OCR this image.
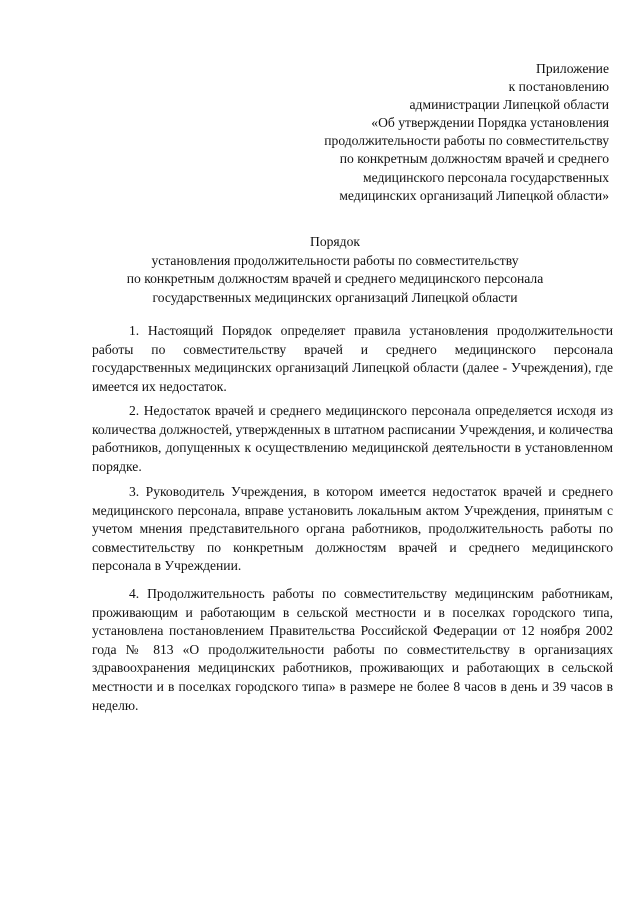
Приложение
к постановлению
администрации Липецкой области
«Об утверждении Порядка установления
продолжительности работы по совместительству
по конкретным должностям врачей и среднего
медицинского персонала государственных
медицинских организаций Липецкой области»
Порядок
установления продолжительности работы по совместительству
по конкретным должностям врачей и среднего медицинского персонала
государственных медицинских организаций Липецкой области

1. Настоящий Порядок определяет правила установления продолжительности работы по совместительству врачей и среднего медицинского персонала государственных медицинских организаций Липецкой области (далее - Учреждения), где имеется их недостаток.

2. Недостаток врачей и среднего медицинского персонала определяется исходя из количества должностей, утвержденных в штатном расписании Учреждения, и количества работников, допущенных к осуществлению медицинской деятельности в установленном порядке.

3. Руководитель Учреждения, в котором имеется недостаток врачей и среднего медицинского персонала, вправе установить локальным актом Учреждения, принятым с учетом мнения представительного органа работников, продолжительность работы по совместительству по конкретным должностям врачей и среднего медицинского персонала в Учреждении.

4. Продолжительность работы по совместительству медицинским работникам, проживающим и работающим в сельской местности и в поселках городского типа, установлена постановлением Правительства Российской Федерации от 12 ноября 2002 года № 813 «О продолжительности работы по совместительству в организациях здравоохранения медицинских работников, проживающих и работающих в сельской местности и в поселках городского типа» в размере не более 8 часов в день и 39 часов в неделю.
